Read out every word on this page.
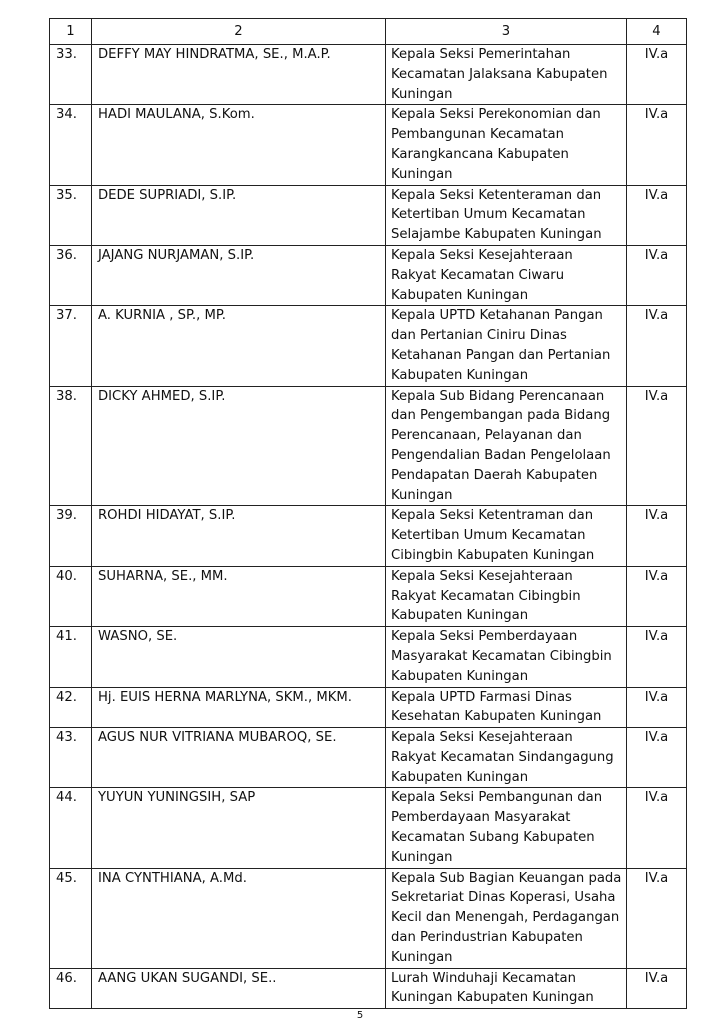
1	2	3	4
33.	DEFFY MAY HINDRATMA, SE., M.A.P.	Kepala Seksi Pemerintahan Kecamatan Jalaksana Kabupaten Kuningan	IV.a
34.	HADI MAULANA, S.Kom.	Kepala Seksi Perekonomian dan Pembangunan Kecamatan Karangkancana Kabupaten Kuningan	IV.a
35.	DEDE SUPRIADI, S.IP.	Kepala Seksi Ketenteraman dan Ketertiban Umum Kecamatan Selajambe Kabupaten Kuningan	IV.a
36.	JAJANG NURJAMAN, S.IP.	Kepala Seksi Kesejahteraan Rakyat Kecamatan Ciwaru Kabupaten Kuningan	IV.a
37.	A. KURNIA , SP., MP.	Kepala UPTD Ketahanan Pangan dan Pertanian Ciniru Dinas Ketahanan Pangan dan Pertanian Kabupaten Kuningan	IV.a
38.	DICKY AHMED, S.IP.	Kepala Sub Bidang Perencanaan dan Pengembangan pada Bidang Perencanaan, Pelayanan dan Pengendalian Badan Pengelolaan Pendapatan Daerah Kabupaten Kuningan	IV.a
39.	ROHDI HIDAYAT, S.IP.	Kepala Seksi Ketentraman dan Ketertiban Umum Kecamatan Cibingbin Kabupaten Kuningan	IV.a
40.	SUHARNA, SE., MM.	Kepala Seksi Kesejahteraan Rakyat Kecamatan Cibingbin Kabupaten Kuningan	IV.a
41.	WASNO, SE.	Kepala Seksi Pemberdayaan Masyarakat Kecamatan Cibingbin Kabupaten Kuningan	IV.a
42.	Hj. EUIS HERNA MARLYNA, SKM., MKM.	Kepala UPTD Farmasi Dinas Kesehatan Kabupaten Kuningan	IV.a
43.	AGUS NUR VITRIANA MUBAROQ, SE.	Kepala Seksi Kesejahteraan Rakyat Kecamatan Sindangagung Kabupaten Kuningan	IV.a
44.	YUYUN YUNINGSIH, SAP	Kepala Seksi Pembangunan dan Pemberdayaan Masyarakat Kecamatan Subang Kabupaten Kuningan	IV.a
45.	INA CYNTHIANA, A.Md.	Kepala Sub Bagian Keuangan pada Sekretariat Dinas Koperasi, Usaha Kecil dan Menengah, Perdagangan dan Perindustrian Kabupaten Kuningan	IV.a
46.	AANG UKAN SUGANDI, SE..	Lurah Winduhaji Kecamatan Kuningan Kabupaten Kuningan	IV.a
5
